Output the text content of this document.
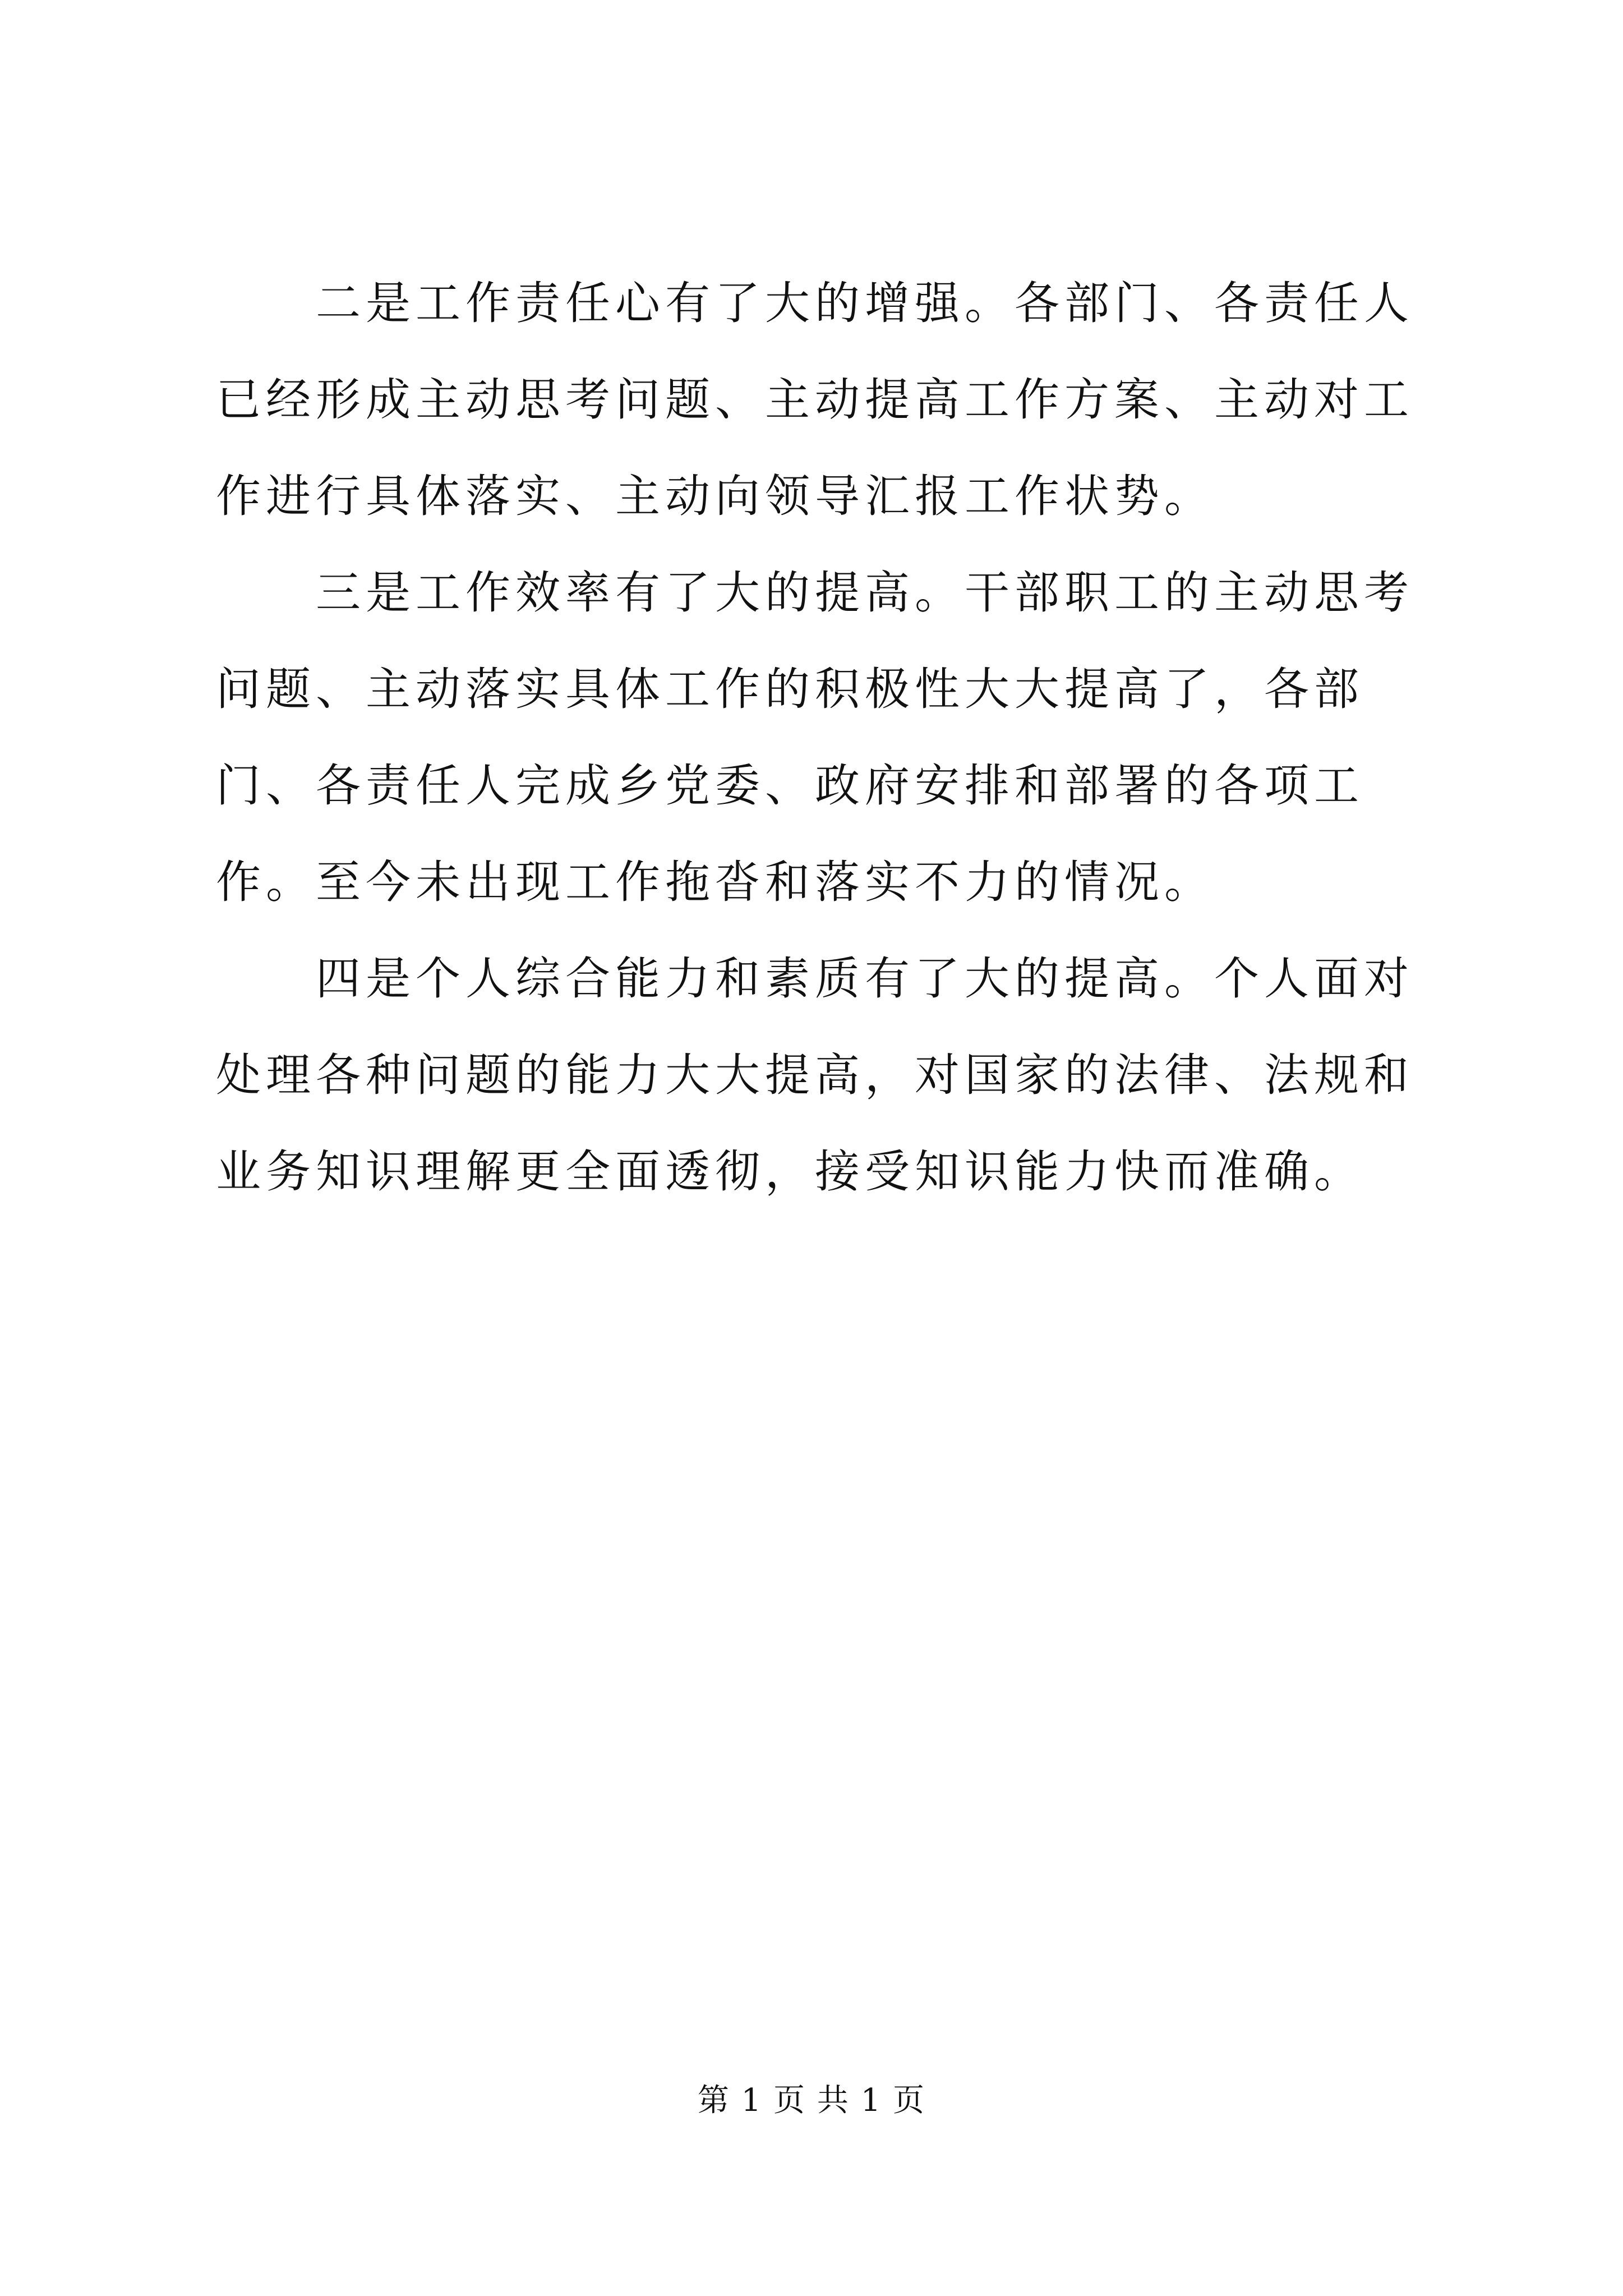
二是工作责任心有了大的增强。各部门、各责任人已经形成主动思考问题、主动提高工作方案、主动对工作进行具体落实、主动向领导汇报工作状势。

三是工作效率有了大的提高。干部职工的主动思考问题、主动落实具体工作的积极性大大提高了，各部门、各责任人完成乡党委、政府安排和部署的各项工作。至今未出现工作拖沓和落实不力的情况。

四是个人综合能力和素质有了大的提高。个人面对处理各种问题的能力大大提高，对国家的法律、法规和业务知识理解更全面透彻，接受知识能力快而准确。

第 1 页 共 1 页
